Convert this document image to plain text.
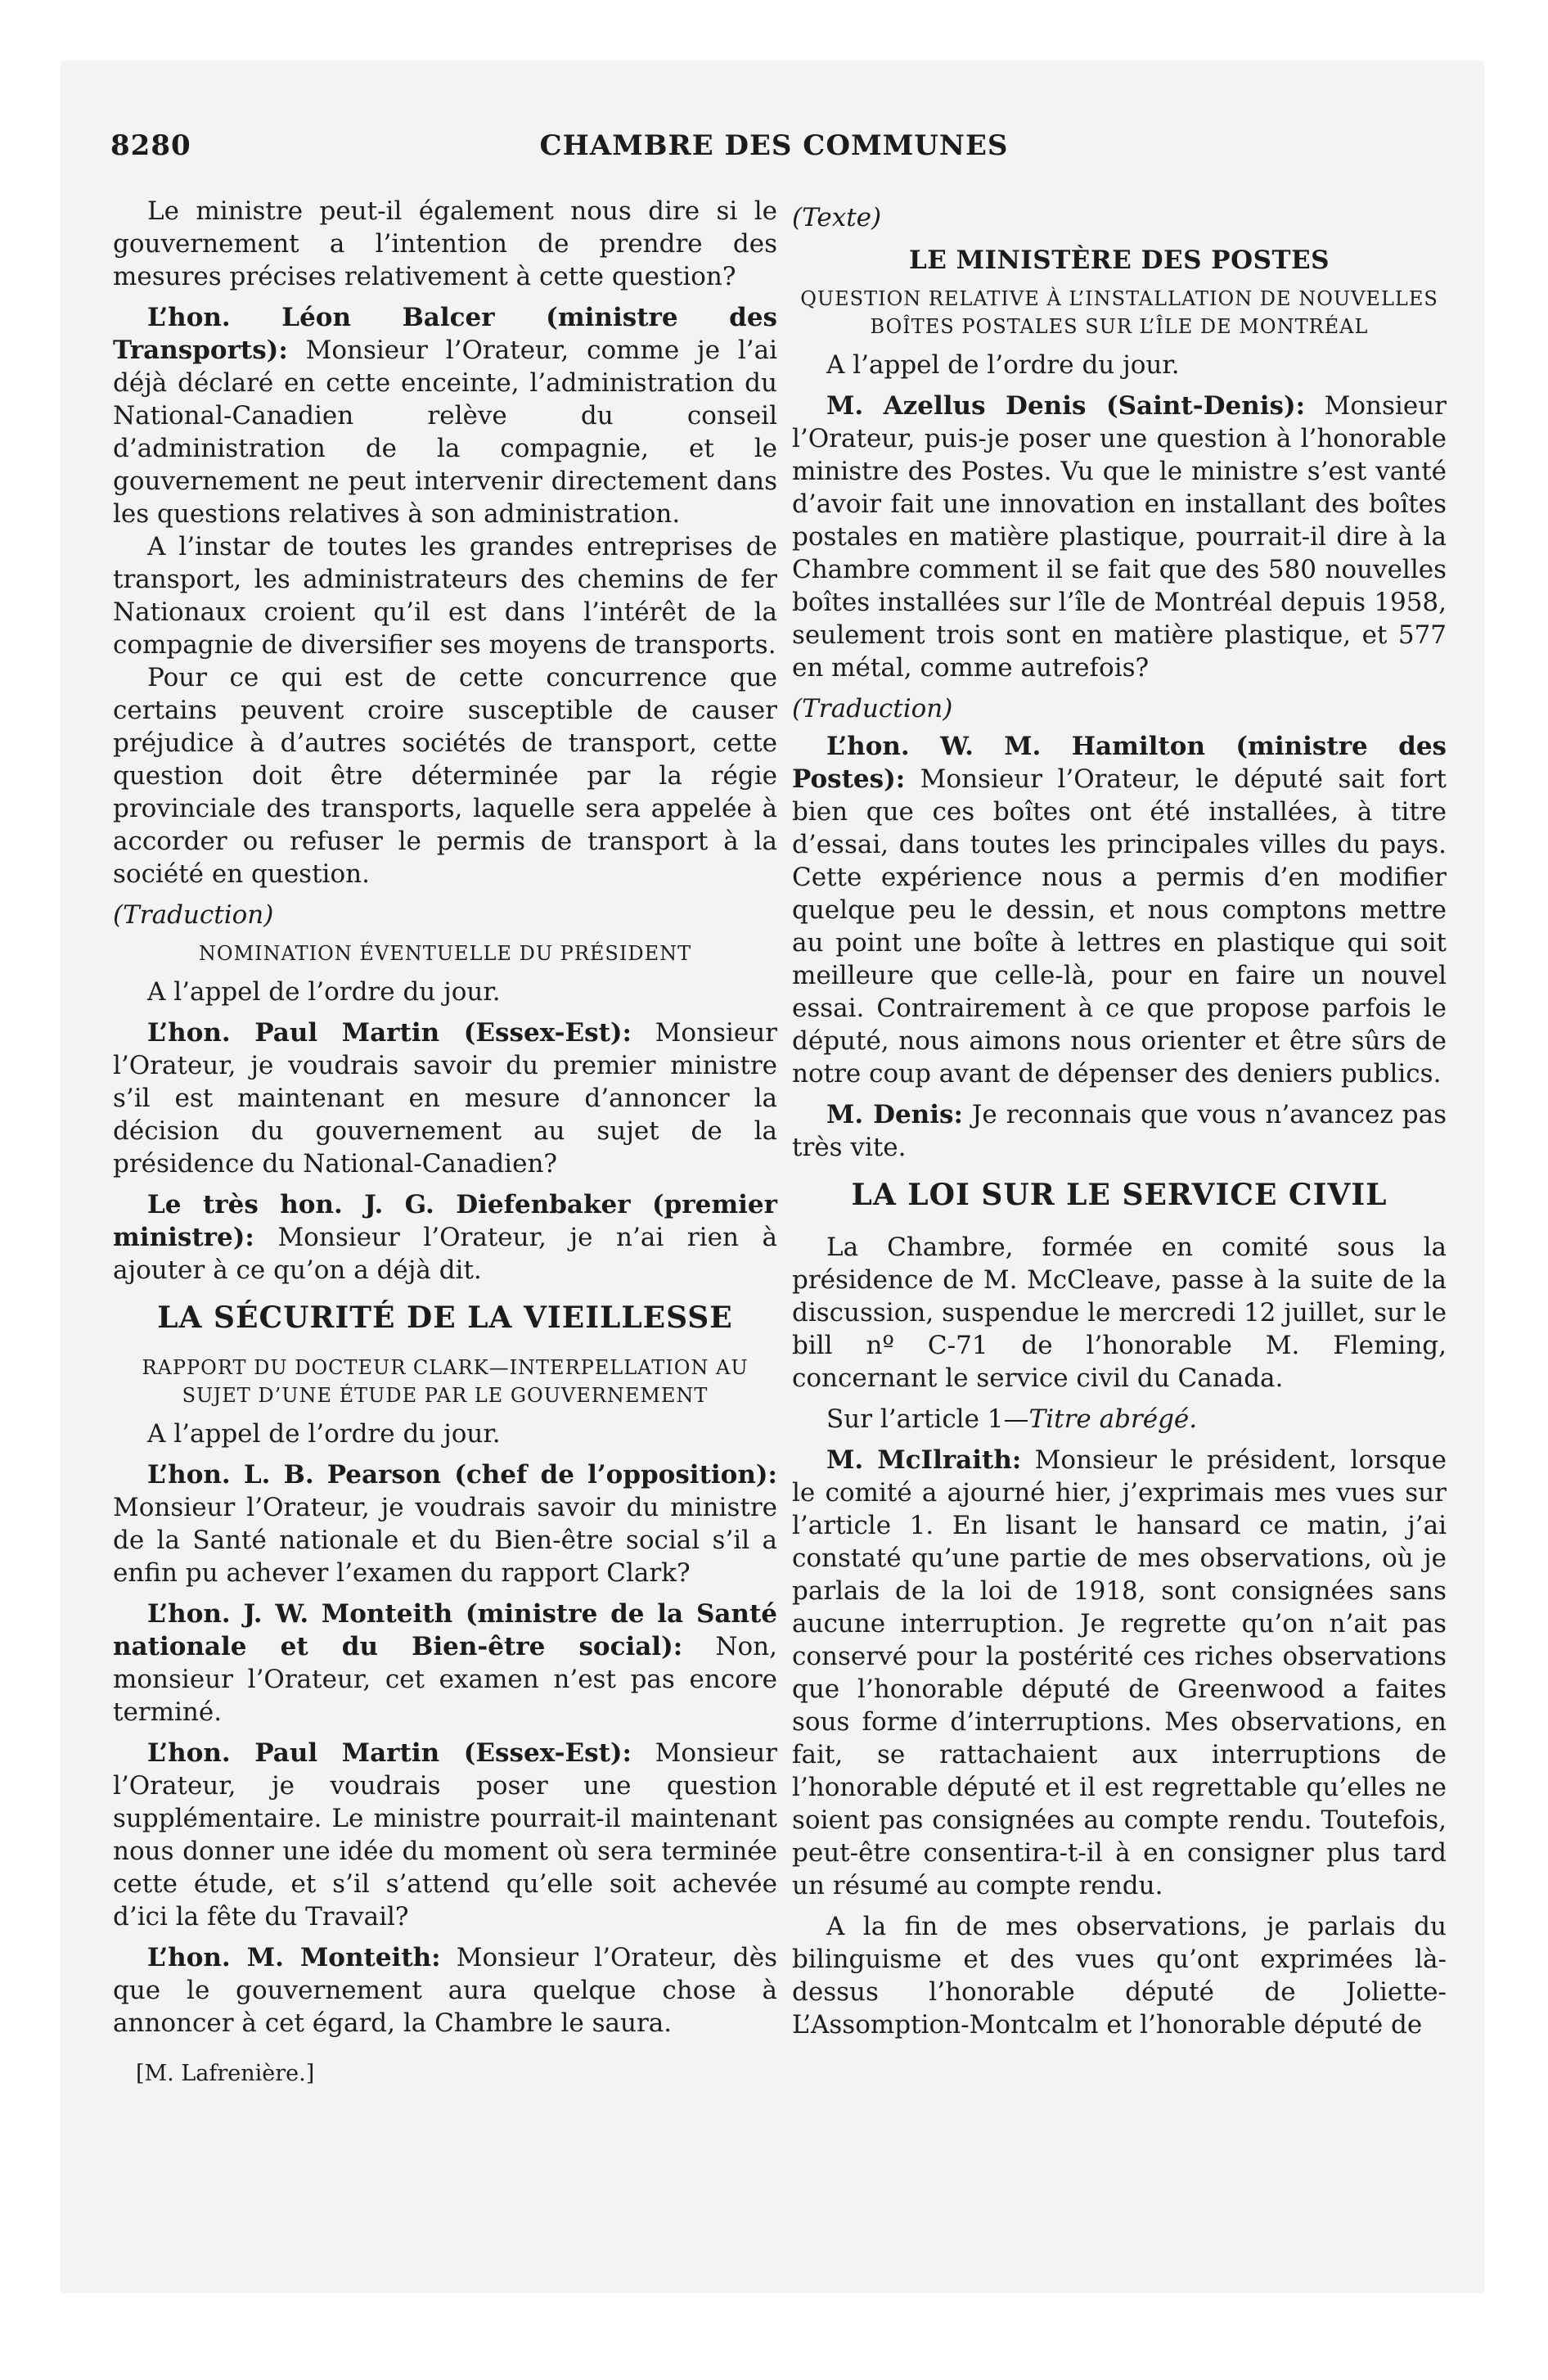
8280	CHAMBRE DES COMMUNES

Le ministre peut-il également nous dire si le gouvernement a l’intention de prendre des mesures précises relativement à cette question?

L’hon. Léon Balcer (ministre des Transports): Monsieur l’Orateur, comme je l’ai déjà déclaré en cette enceinte, l’administration du National-Canadien relève du conseil d’administration de la compagnie, et le gouvernement ne peut intervenir directement dans les questions relatives à son administration.

A l’instar de toutes les grandes entreprises de transport, les administrateurs des chemins de fer Nationaux croient qu’il est dans l’intérêt de la compagnie de diversifier ses moyens de transports.

Pour ce qui est de cette concurrence que certains peuvent croire susceptible de causer préjudice à d’autres sociétés de transport, cette question doit être déterminée par la régie provinciale des transports, laquelle sera appelée à accorder ou refuser le permis de transport à la société en question.

(Traduction)
NOMINATION ÉVENTUELLE DU PRÉSIDENT

A l’appel de l’ordre du jour.

L’hon. Paul Martin (Essex-Est): Monsieur l’Orateur, je voudrais savoir du premier ministre s’il est maintenant en mesure d’annoncer la décision du gouvernement au sujet de la présidence du National-Canadien?

Le très hon. J. G. Diefenbaker (premier ministre): Monsieur l’Orateur, je n’ai rien à ajouter à ce qu’on a déjà dit.

LA SÉCURITÉ DE LA VIEILLESSE
RAPPORT DU DOCTEUR CLARK—INTERPELLATION AU SUJET D’UNE ÉTUDE PAR LE GOUVERNEMENT

A l’appel de l’ordre du jour.

L’hon. L. B. Pearson (chef de l’opposition): Monsieur l’Orateur, je voudrais savoir du ministre de la Santé nationale et du Bien-être social s’il a enfin pu achever l’examen du rapport Clark?

L’hon. J. W. Monteith (ministre de la Santé nationale et du Bien-être social): Non, monsieur l’Orateur, cet examen n’est pas encore terminé.

L’hon. Paul Martin (Essex-Est): Monsieur l’Orateur, je voudrais poser une question supplémentaire. Le ministre pourrait-il maintenant nous donner une idée du moment où sera terminée cette étude, et s’il s’attend qu’elle soit achevée d’ici la fête du Travail?

L’hon. M. Monteith: Monsieur l’Orateur, dès que le gouvernement aura quelque chose à annoncer à cet égard, la Chambre le saura.

[M. Lafrenière.]
(Texte)
LE MINISTÈRE DES POSTES
QUESTION RELATIVE À L’INSTALLATION DE NOUVELLES BOÎTES POSTALES SUR L’ÎLE DE MONTRÉAL

A l’appel de l’ordre du jour.

M. Azellus Denis (Saint-Denis): Monsieur l’Orateur, puis-je poser une question à l’honorable ministre des Postes. Vu que le ministre s’est vanté d’avoir fait une innovation en installant des boîtes postales en matière plastique, pourrait-il dire à la Chambre comment il se fait que des 580 nouvelles boîtes installées sur l’île de Montréal depuis 1958, seulement trois sont en matière plastique, et 577 en métal, comme autrefois?

(Traduction)

L’hon. W. M. Hamilton (ministre des Postes): Monsieur l’Orateur, le député sait fort bien que ces boîtes ont été installées, à titre d’essai, dans toutes les principales villes du pays. Cette expérience nous a permis d’en modifier quelque peu le dessin, et nous comptons mettre au point une boîte à lettres en plastique qui soit meilleure que celle-là, pour en faire un nouvel essai. Contrairement à ce que propose parfois le député, nous aimons nous orienter et être sûrs de notre coup avant de dépenser des deniers publics.

M. Denis: Je reconnais que vous n’avancez pas très vite.

LA LOI SUR LE SERVICE CIVIL

La Chambre, formée en comité sous la présidence de M. McCleave, passe à la suite de la discussion, suspendue le mercredi 12 juillet, sur le bill nº C-71 de l’honorable M. Fleming, concernant le service civil du Canada.

Sur l’article 1—Titre abrégé.

M. McIlraith: Monsieur le président, lorsque le comité a ajourné hier, j’exprimais mes vues sur l’article 1. En lisant le hansard ce matin, j’ai constaté qu’une partie de mes observations, où je parlais de la loi de 1918, sont consignées sans aucune interruption. Je regrette qu’on n’ait pas conservé pour la postérité ces riches observations que l’honorable député de Greenwood a faites sous forme d’interruptions. Mes observations, en fait, se rattachaient aux interruptions de l’honorable député et il est regrettable qu’elles ne soient pas consignées au compte rendu. Toutefois, peut-être consentira-t-il à en consigner plus tard un résumé au compte rendu.

A la fin de mes observations, je parlais du bilinguisme et des vues qu’ont exprimées là-dessus l’honorable député de Joliette-L’Assomption-Montcalm et l’honorable député de
